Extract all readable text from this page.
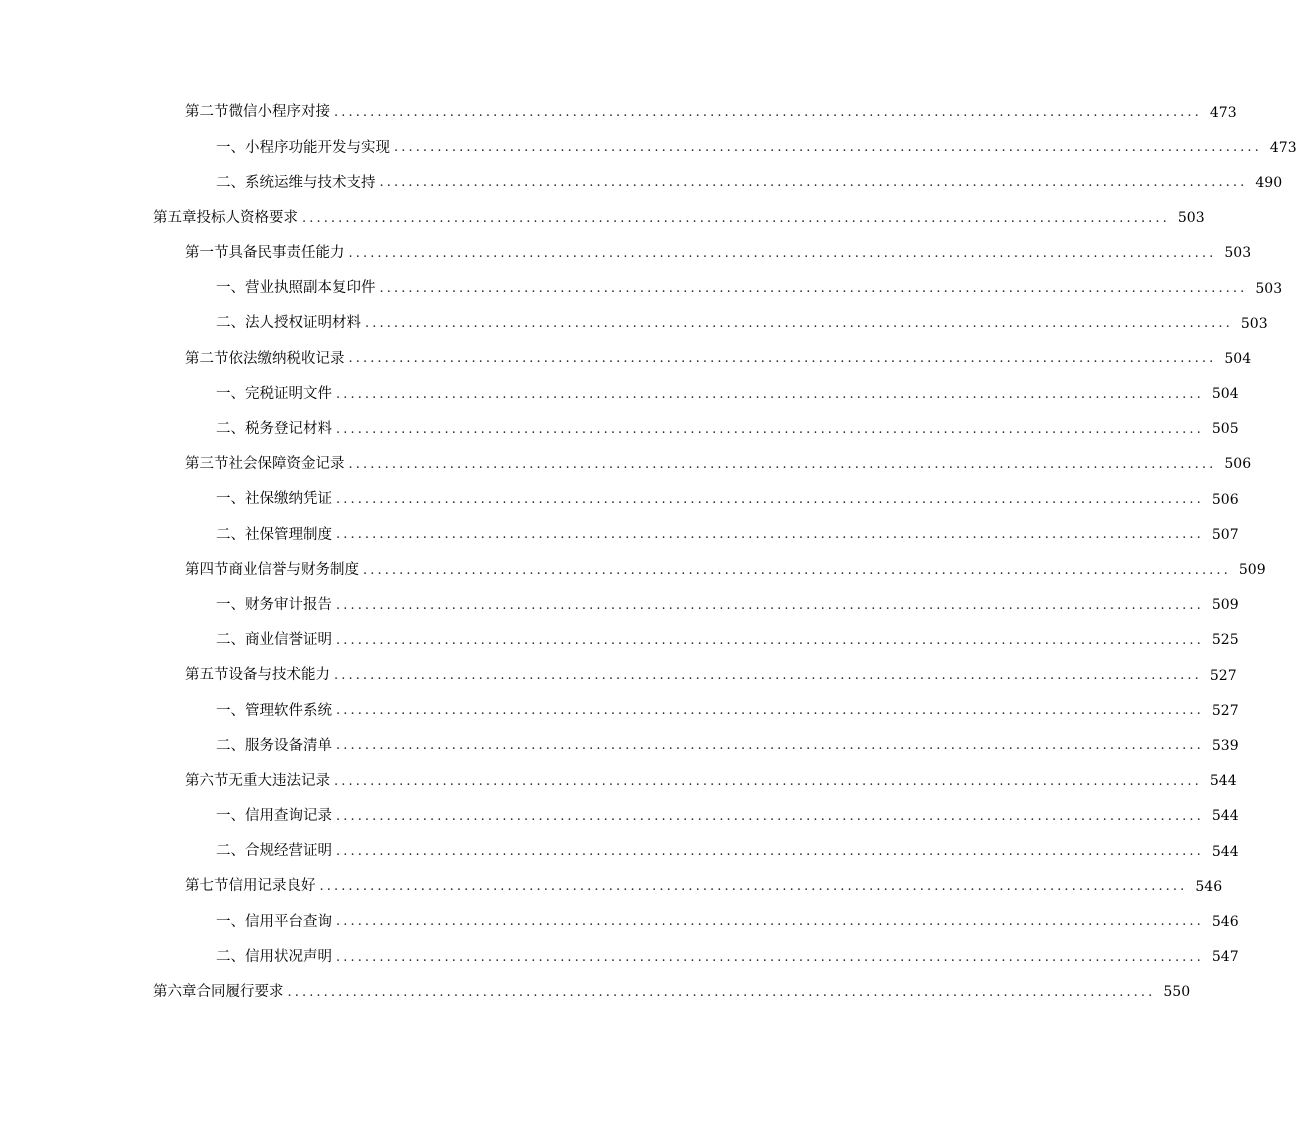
第二节 微信小程序对接 ........................................................................................................................ 473
一、 小程序功能开发与实现 ........................................................................................................................ 473
二、 系统运维与技术支持 ........................................................................................................................ 490
第五章 投标人资格要求 ........................................................................................................................ 503
第一节 具备民事责任能力 ........................................................................................................................ 503
一、 营业执照副本复印件 ........................................................................................................................ 503
二、 法人授权证明材料 ........................................................................................................................ 503
第二节 依法缴纳税收记录 ........................................................................................................................ 504
一、 完税证明文件 ........................................................................................................................ 504
二、 税务登记材料 ........................................................................................................................ 505
第三节 社会保障资金记录 ........................................................................................................................ 506
一、 社保缴纳凭证 ........................................................................................................................ 506
二、 社保管理制度 ........................................................................................................................ 507
第四节 商业信誉与财务制度 ........................................................................................................................ 509
一、 财务审计报告 ........................................................................................................................ 509
二、 商业信誉证明 ........................................................................................................................ 525
第五节 设备与技术能力 ........................................................................................................................ 527
一、 管理软件系统 ........................................................................................................................ 527
二、 服务设备清单 ........................................................................................................................ 539
第六节 无重大违法记录 ........................................................................................................................ 544
一、 信用查询记录 ........................................................................................................................ 544
二、 合规经营证明 ........................................................................................................................ 544
第七节 信用记录良好 ........................................................................................................................ 546
一、 信用平台查询 ........................................................................................................................ 546
二、 信用状况声明 ........................................................................................................................ 547
第六章 合同履行要求 ........................................................................................................................ 550
